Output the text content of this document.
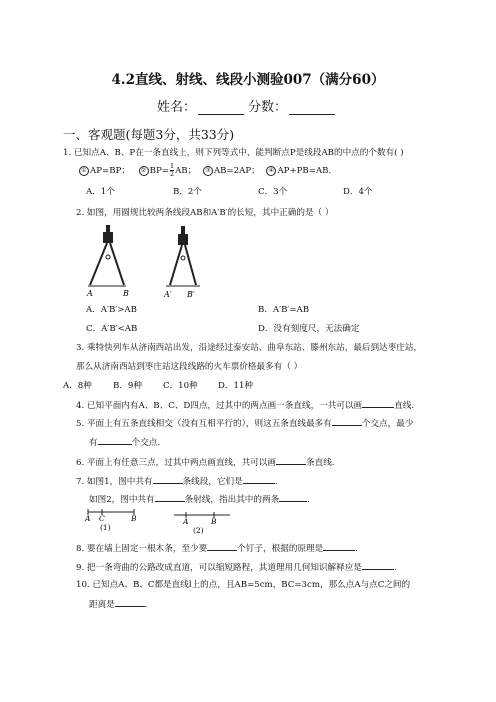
4.2直线、射线、线段小测验007（满分60）
姓名：	分数：
一、客观题(每题3分，共33分)
1. 已知点A、B、P在一条直线上，则下列等式中，能判断点P是线段AB的中点的个数有( )
① AP=BP； ② $BP= \frac{1}{2}$ AB； ③ AB=2AP； ④ AP+PB=AB.
A．1个	B．2个	C．3个	D．4个
2. 如图，用圆规比较两条线段AB和A′B′的长短，其中正确的是（ ）
A	B	A′ B′
A．A′B′>AB	B．A′B′=AB
C．A′B′<AB	D．没有刻度尺，无法确定
3. 乘特快列车从济南西站出发，沿途经过泰安站、曲阜东站、滕州东站，最后到达枣庄站，
那么从济南西站到枣庄站这段线路的火车票价格最多有（ ）
A．8种 B．9种 C．10种 D．11种
4. 已知平面内有A、B、C、D四点，过其中的两点画一条直线，一共可以画	直线.
5. 平面上有五条直线相交（没有互相平行的），则这五条直线最多有	个交点，最少
有	个交点.
6. 平面上有任意三点，过其中两点画直线，共可以画	条直线.
7. 如图1，图中共有	条线段，它们是	.
如图2，图中共有	条射线，指出其中的两条	.
A C	B
(1)
A	B
(2)
8. 要在墙上固定一根木条，至少要	个钉子，根据的原理是	.
9. 把一条弯曲的公路改成直道，可以缩短路程，其道理用几何知识解释应是	.
10. 已知点A、B、C都是直线l上的点，且AB=5cm，BC=3cm，那么点A与点C之间的
距离是	.
